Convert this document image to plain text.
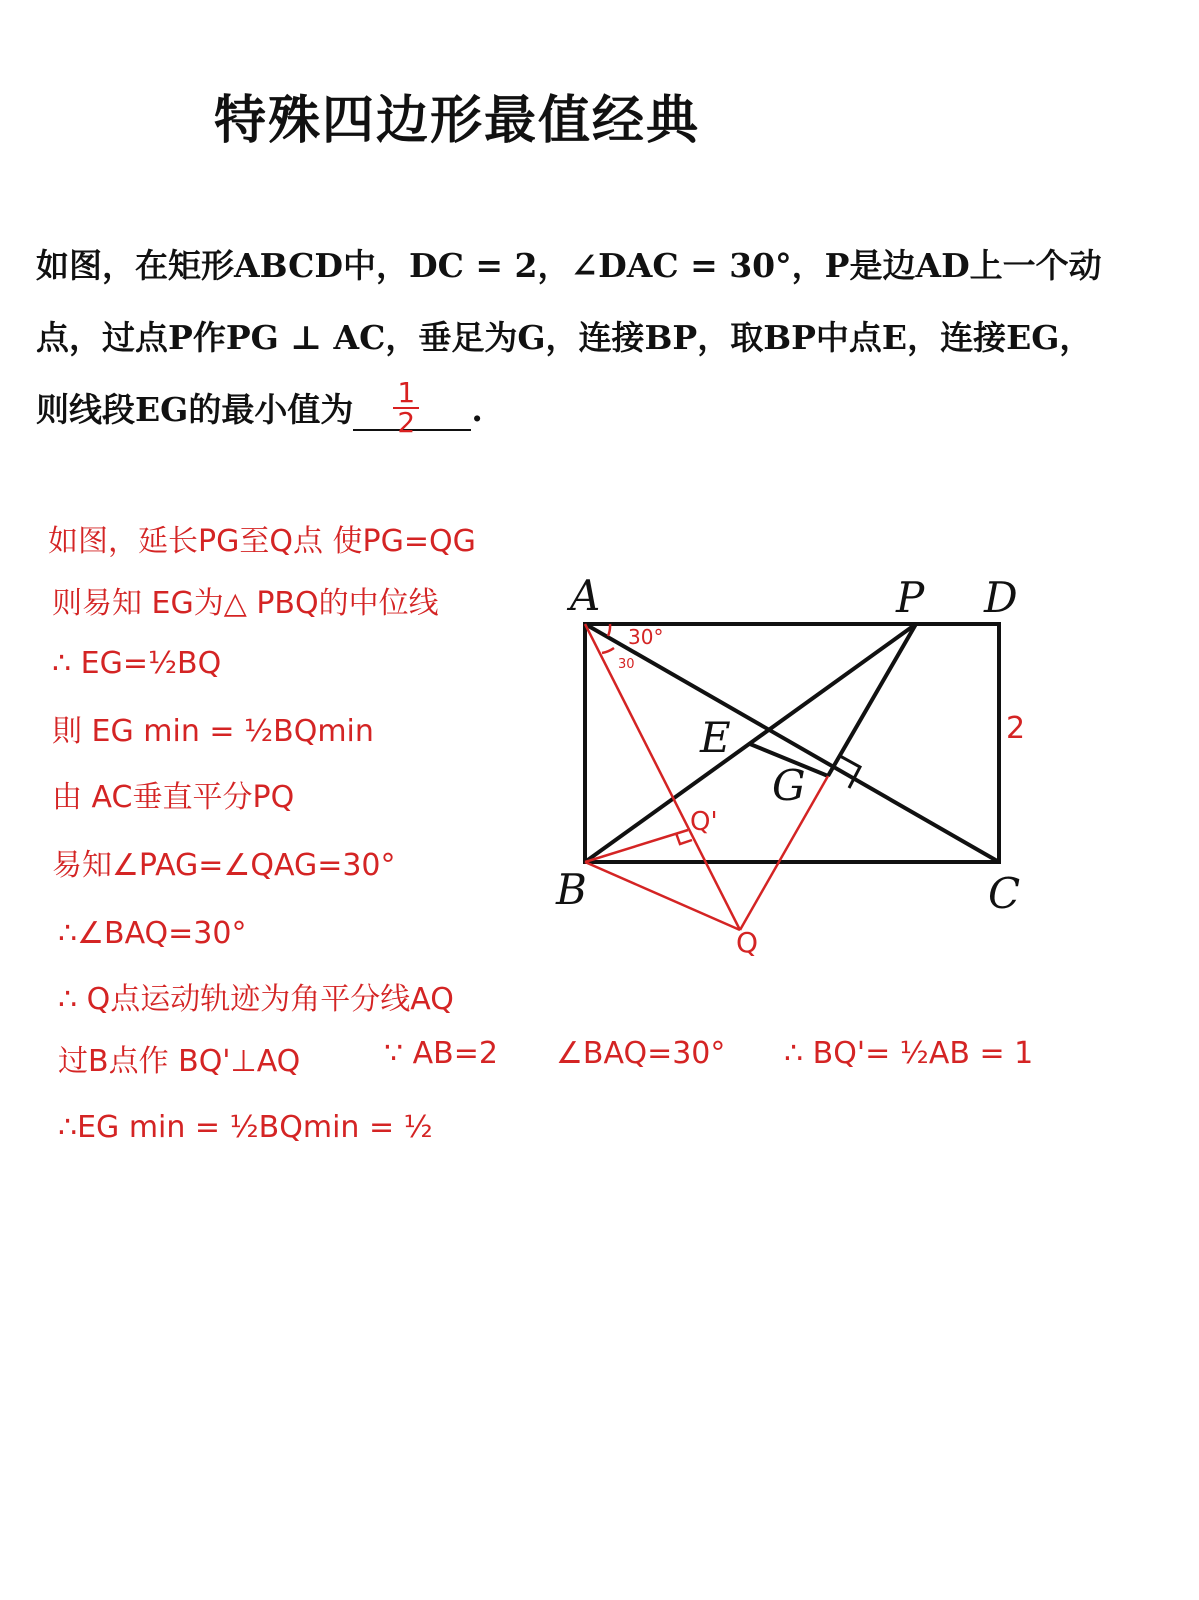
特殊四边形最值经典
如图，在矩形ABCD中，DC = 2，∠DAC = 30°，P是边AD上一个动
点，过点P作PG ⊥ AC，垂足为G，连接BP，取BP中点E，连接EG，
则线段EG的最小值为 $\frac{1}{2}$ .
如图，延长PG至Q点 使PG=QG
则易知 EG为△ PBQ的中位线
∴ EG=½BQ
則 EG min = ½BQmin
由 AC垂直平分PQ
易知∠PAG=∠QAG=30°
∴∠BAQ=30°
∴ Q点运动轨迹为角平分线AQ
过B点作 BQ'⊥AQ	∵ AB=2 ∠BAQ=30° ∴ BQ'= ½AB = 1
∴EG min = ½BQmin = ½
A	P D
B	C
E
G
2
30°
30
Q
Q'
